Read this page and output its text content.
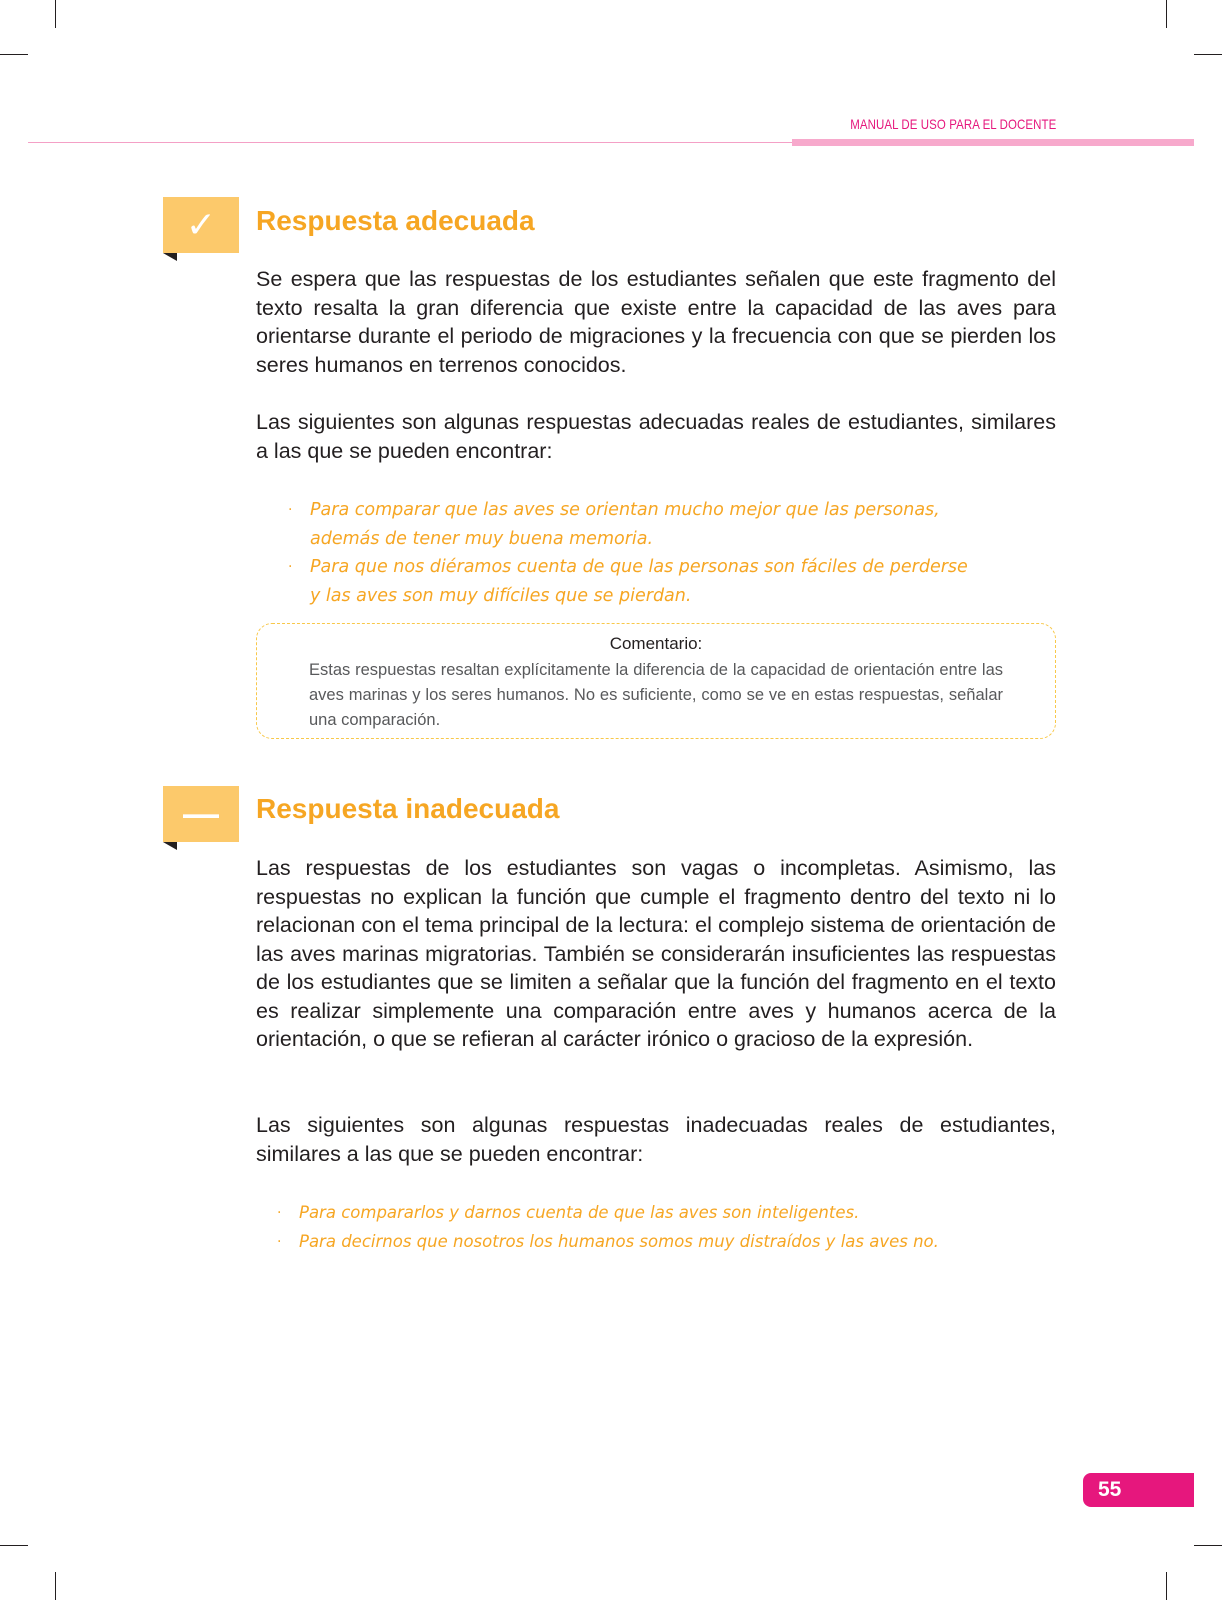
MANUAL DE USO PARA EL DOCENTE
✓	Respuesta adecuada

Se espera que las respuestas de los estudiantes señalen que este fragmento del texto resalta la gran diferencia que existe entre la capacidad de las aves para orientarse durante el periodo de migraciones y la frecuencia con que se pierden los seres humanos en terrenos conocidos.

Las siguientes son algunas respuestas adecuadas reales de estudiantes, similares a las que se pueden encontrar:

· Para comparar que las aves se orientan mucho mejor que las personas,
además de tener muy buena memoria.
· Para que nos diéramos cuenta de que las personas son fáciles de perderse
y las aves son muy difíciles que se pierdan.
Comentario:

Estas respuestas resaltan explícitamente la diferencia de la capacidad de orientación entre las aves marinas y los seres humanos. No es suficiente, como se ve en estas respuestas, señalar una comparación.

—	Respuesta inadecuada

Las respuestas de los estudiantes son vagas o incompletas. Asimismo, las respuestas no explican la función que cumple el fragmento dentro del texto ni lo relacionan con el tema principal de la lectura: el complejo sistema de orientación de las aves marinas migratorias. También se considerarán insuficientes las respuestas de los estudiantes que se limiten a señalar que la función del fragmento en el texto es realizar simplemente una comparación entre aves y humanos acerca de la orientación, o que se refieran al carácter irónico o gracioso de la expresión.

Las siguientes son algunas respuestas inadecuadas reales de estudiantes, similares a las que se pueden encontrar:

· Para compararlos y darnos cuenta de que las aves son inteligentes.
· Para decirnos que nosotros los humanos somos muy distraídos y las aves no.
55
